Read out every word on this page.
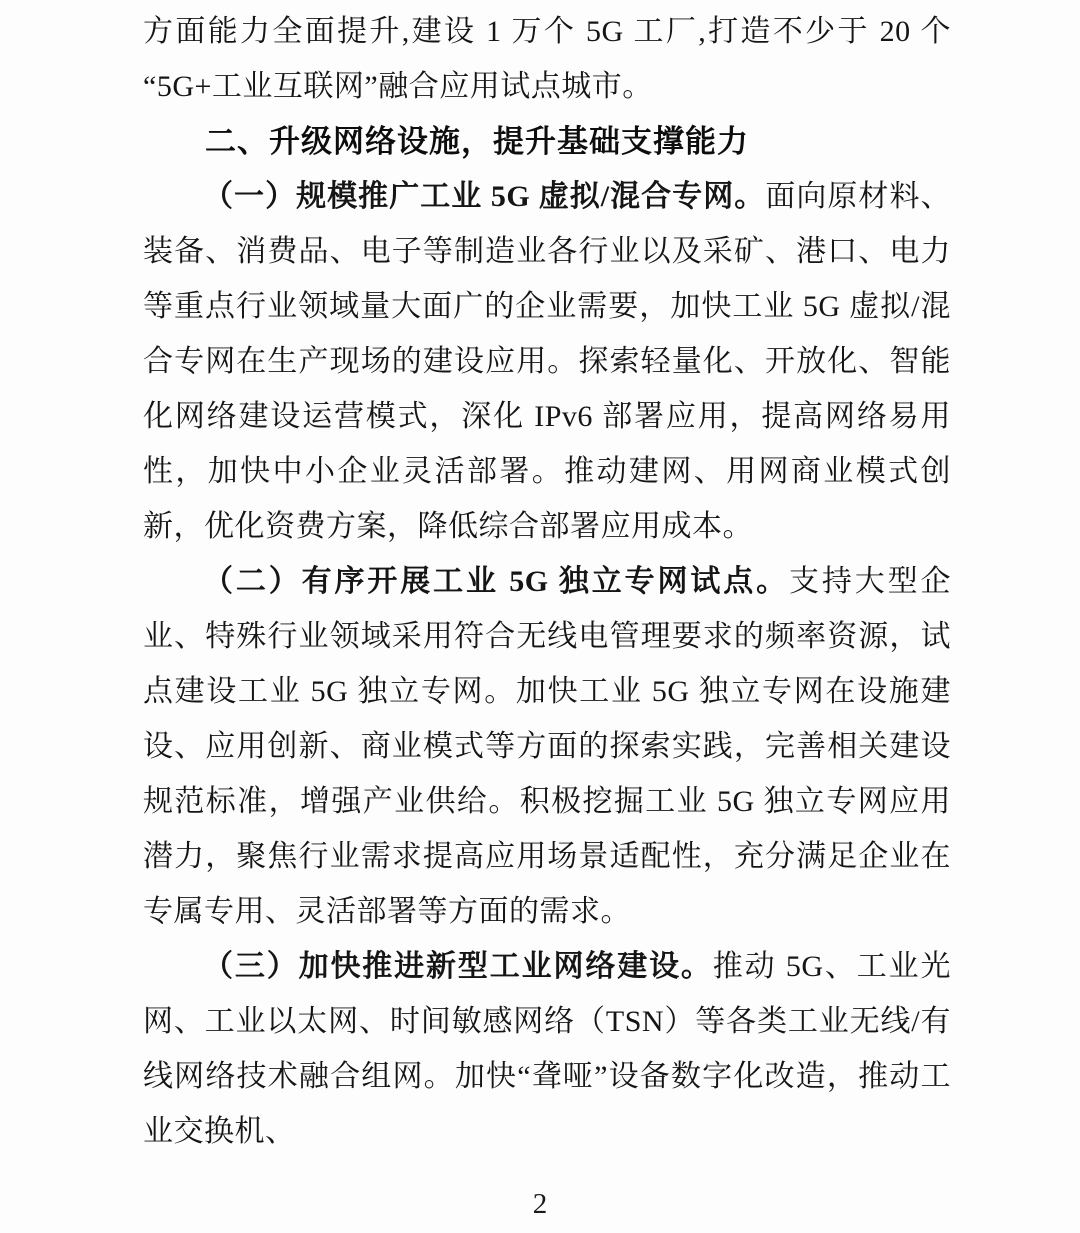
方面能力全面提升,建设 1 万个 5G 工厂,打造不少于 20 个“5G+工业互联网”融合应用试点城市。

二、升级网络设施，提升基础支撑能力

（一）规模推广工业 5G 虚拟/混合专网。面向原材料、装备、消费品、电子等制造业各行业以及采矿、港口、电力等重点行业领域量大面广的企业需要，加快工业 5G 虚拟/混合专网在生产现场的建设应用。探索轻量化、开放化、智能化网络建设运营模式，深化 IPv6 部署应用，提高网络易用性，加快中小企业灵活部署。推动建网、用网商业模式创新，优化资费方案，降低综合部署应用成本。

（二）有序开展工业 5G 独立专网试点。支持大型企业、特殊行业领域采用符合无线电管理要求的频率资源，试点建设工业 5G 独立专网。加快工业 5G 独立专网在设施建设、应用创新、商业模式等方面的探索实践，完善相关建设规范标准，增强产业供给。积极挖掘工业 5G 独立专网应用潜力，聚焦行业需求提高应用场景适配性，充分满足企业在专属专用、灵活部署等方面的需求。

（三）加快推进新型工业网络建设。推动 5G、工业光网、工业以太网、时间敏感网络（TSN）等各类工业无线/有线网络技术融合组网。加快“聋哑”设备数字化改造，推动工业交换机、

2
